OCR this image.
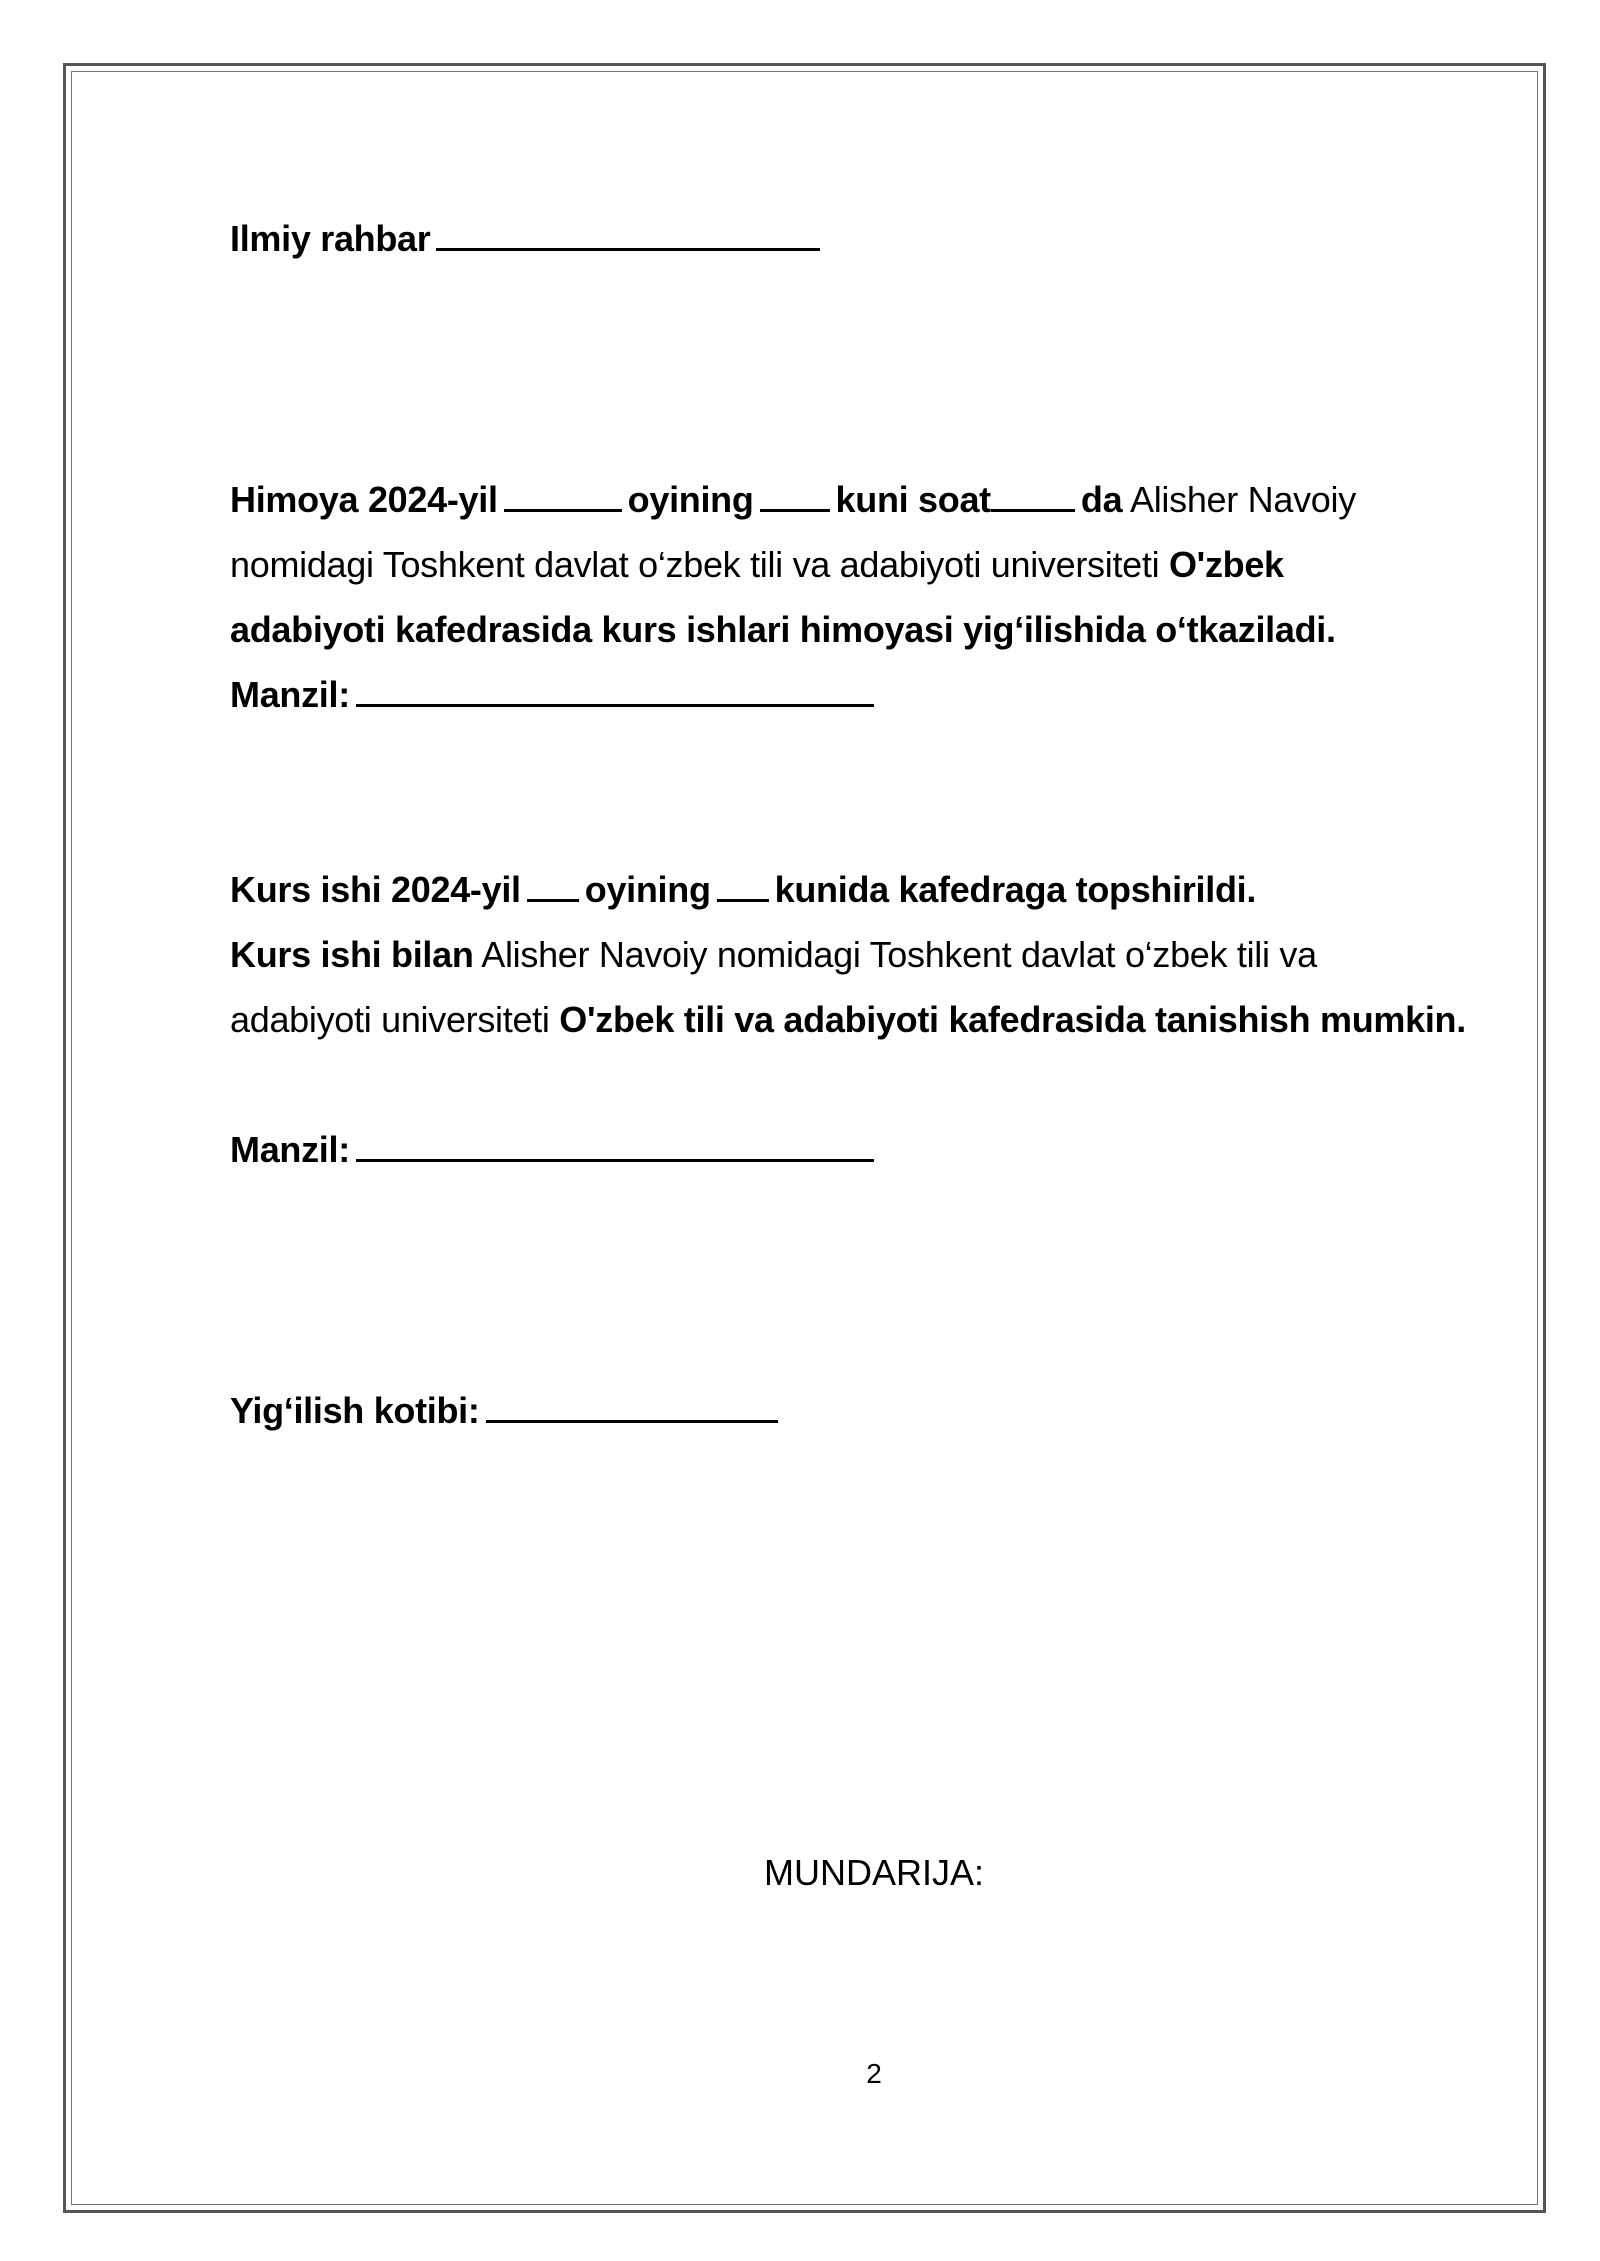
Ilmiy rahbar
Himoya 2024-yil	oyining kuni soat	da Alisher Navoiy
nomidagi Toshkent davlat o‘zbek tili va adabiyoti universiteti O'zbek
adabiyoti kafedrasida kurs ishlari himoyasi yig‘ilishida o‘tkaziladi.
Manzil:
Kurs ishi 2024-yil oyining kunida kafedraga topshirildi.
Kurs ishi bilan Alisher Navoiy nomidagi Toshkent davlat o‘zbek tili va
adabiyoti universiteti O'zbek tili va adabiyoti kafedrasida tanishish mumkin.
Manzil:
Yig‘ilish kotibi:
MUNDARIJA:
2
